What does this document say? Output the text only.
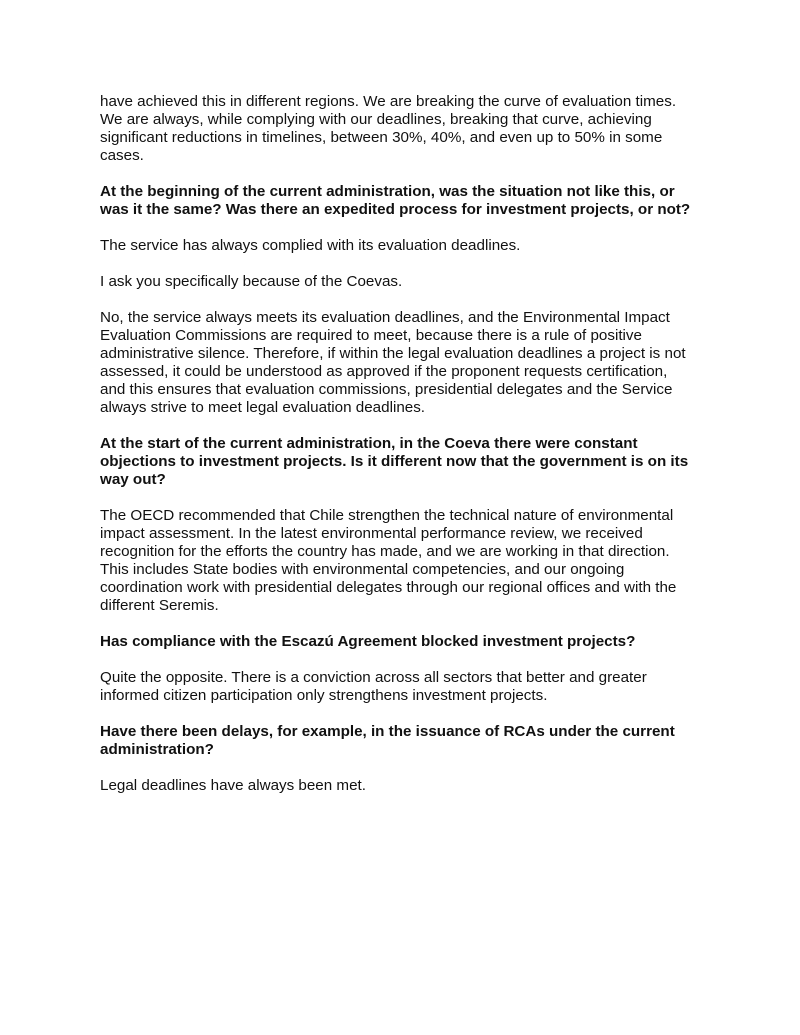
have achieved this in different regions. We are breaking the curve of evaluation times.
We are always, while complying with our deadlines, breaking that curve, achieving
significant reductions in timelines, between 30%, 40%, and even up to 50% in some
cases.

At the beginning of the current administration, was the situation not like this, or
was it the same? Was there an expedited process for investment projects, or not?

The service has always complied with its evaluation deadlines.

I ask you specifically because of the Coevas.

No, the service always meets its evaluation deadlines, and the Environmental Impact
Evaluation Commissions are required to meet, because there is a rule of positive
administrative silence. Therefore, if within the legal evaluation deadlines a project is not
assessed, it could be understood as approved if the proponent requests certification,
and this ensures that evaluation commissions, presidential delegates and the Service
always strive to meet legal evaluation deadlines.

At the start of the current administration, in the Coeva there were constant
objections to investment projects. Is it different now that the government is on its
way out?

The OECD recommended that Chile strengthen the technical nature of environmental
impact assessment. In the latest environmental performance review, we received
recognition for the efforts the country has made, and we are working in that direction.
This includes State bodies with environmental competencies, and our ongoing
coordination work with presidential delegates through our regional offices and with the
different Seremis.

Has compliance with the Escazú Agreement blocked investment projects?

Quite the opposite. There is a conviction across all sectors that better and greater
informed citizen participation only strengthens investment projects.

Have there been delays, for example, in the issuance of RCAs under the current
administration?

Legal deadlines have always been met.
